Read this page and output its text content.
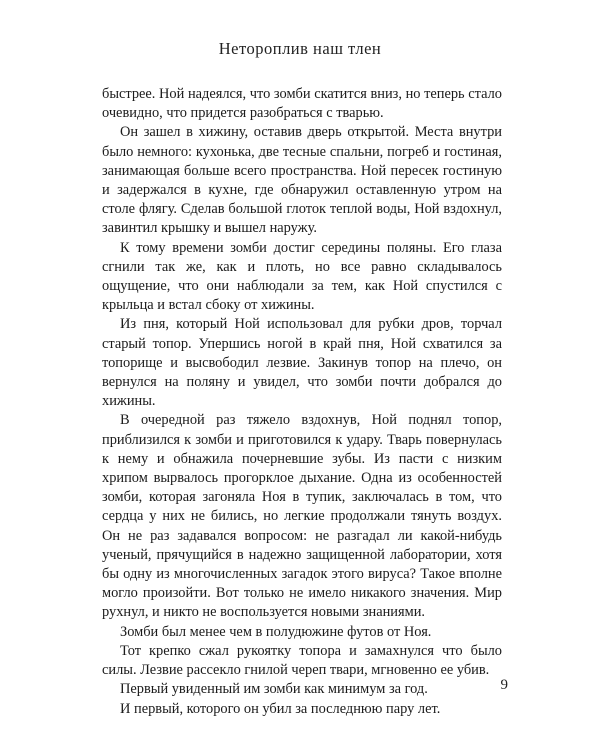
Нетороплив наш тлен

быстрее. Ной надеялся, что зомби скатится вниз, но теперь стало очевидно, что придется разобраться с тварью.

Он зашел в хижину, оставив дверь открытой. Места внутри было немного: кухонька, две тесные спальни, погреб и гостиная, занимающая больше всего пространства. Ной пересек гостиную и задержался в кухне, где обнаружил оставленную утром на столе флягу. Сделав большой глоток теплой воды, Ной вздохнул, завинтил крышку и вышел наружу.

К тому времени зомби достиг середины поляны. Его глаза сгнили так же, как и плоть, но все равно складывалось ощущение, что они наблюдали за тем, как Ной спустился с крыльца и встал сбоку от хижины.

Из пня, который Ной использовал для рубки дров, торчал старый топор. Упершись ногой в край пня, Ной схватился за топорище и высвободил лезвие. Закинув топор на плечо, он вернулся на поляну и увидел, что зомби почти добрался до хижины.

В очередной раз тяжело вздохнув, Ной поднял топор, приблизился к зомби и приготовился к удару. Тварь повернулась к нему и обнажила почерневшие зубы. Из пасти с низким хрипом вырвалось прогорклое дыхание. Одна из особенностей зомби, которая загоняла Ноя в тупик, заключалась в том, что сердца у них не бились, но легкие продолжали тянуть воздух. Он не раз задавался вопросом: не разгадал ли какой-нибудь ученый, прячущийся в надежно защищенной лаборатории, хотя бы одну из многочисленных загадок этого вируса? Такое вполне могло произойти. Вот только не имело никакого значения. Мир рухнул, и никто не воспользуется новыми знаниями.

Зомби был менее чем в полудюжине футов от Ноя.

Тот крепко сжал рукоятку топора и замахнулся что было силы. Лезвие рассекло гнилой череп твари, мгновенно ее убив.

Первый увиденный им зомби как минимум за год.

И первый, которого он убил за последнюю пару лет.

9
